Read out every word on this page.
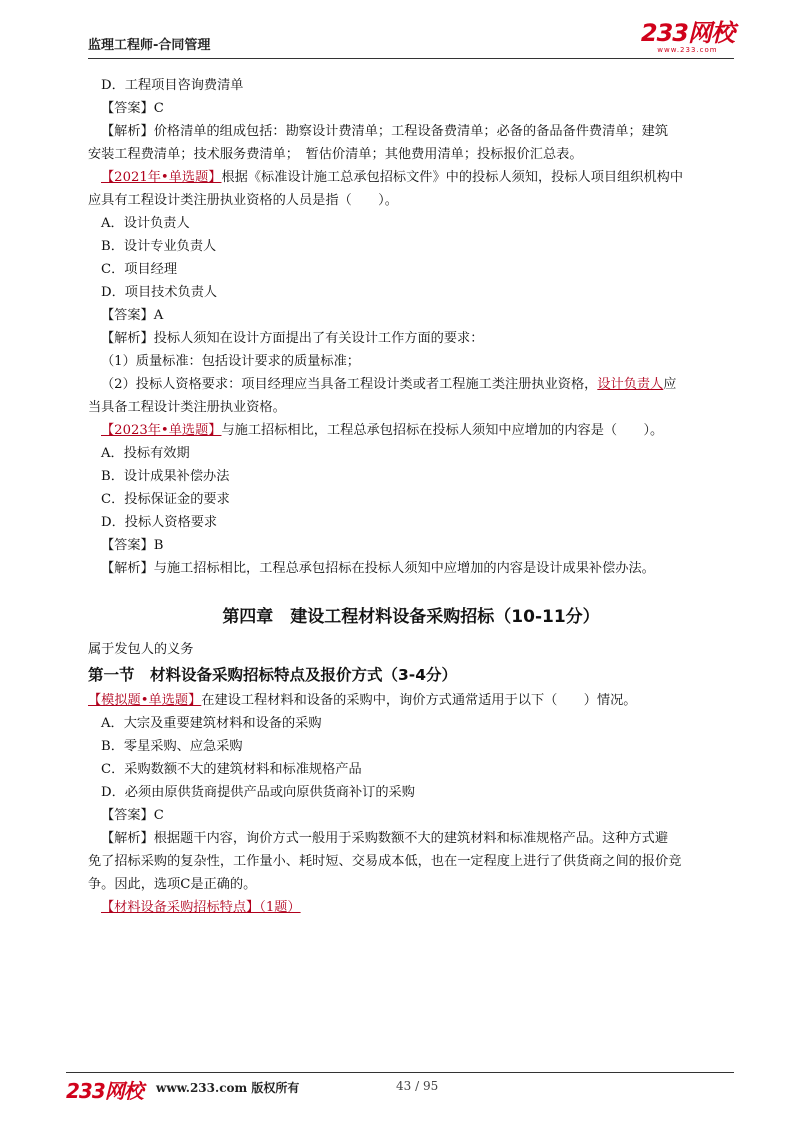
监理工程师-合同管理	233网校
www.233.com
D．工程项目咨询费清单
【答案】C
【解析】价格清单的组成包括：勘察设计费清单；工程设备费清单；必备的备品备件费清单；建筑
安装工程费清单；技术服务费清单；　暂估价清单；其他费用清单；投标报价汇总表。
【2021年•单选题】根据《标准设计施工总承包招标文件》中的投标人须知，投标人项目组织机构中
应具有工程设计类注册执业资格的人员是指（　　）。
A．设计负责人
B．设计专业负责人
C．项目经理
D．项目技术负责人
【答案】A
【解析】投标人须知在设计方面提出了有关设计工作方面的要求：
（1）质量标准：包括设计要求的质量标准；
（2）投标人资格要求：项目经理应当具备工程设计类或者工程施工类注册执业资格，设计负责人应
当具备工程设计类注册执业资格。
【2023年•单选题】与施工招标相比，工程总承包招标在投标人须知中应增加的内容是（　　）。
A．投标有效期
B．设计成果补偿办法
C．投标保证金的要求
D．投标人资格要求
【答案】B
【解析】与施工招标相比，工程总承包招标在投标人须知中应增加的内容是设计成果补偿办法。
第四章　建设工程材料设备采购招标（10-11分）
属于发包人的义务
第一节　材料设备采购招标特点及报价方式（3-4分）
【模拟题•单选题】在建设工程材料和设备的采购中，询价方式通常适用于以下（　　）情况。
A．大宗及重要建筑材料和设备的采购
B．零星采购、应急采购
C．采购数额不大的建筑材料和标准规格产品
D．必须由原供货商提供产品或向原供货商补订的采购
【答案】C
【解析】根据题干内容，询价方式一般用于采购数额不大的建筑材料和标准规格产品。这种方式避
免了招标采购的复杂性，工作量小、耗时短、交易成本低，也在一定程度上进行了供货商之间的报价竞
争。因此，选项C是正确的。
【材料设备采购招标特点】（1题）
233网校 www.233.com 版权所有	43 / 95
